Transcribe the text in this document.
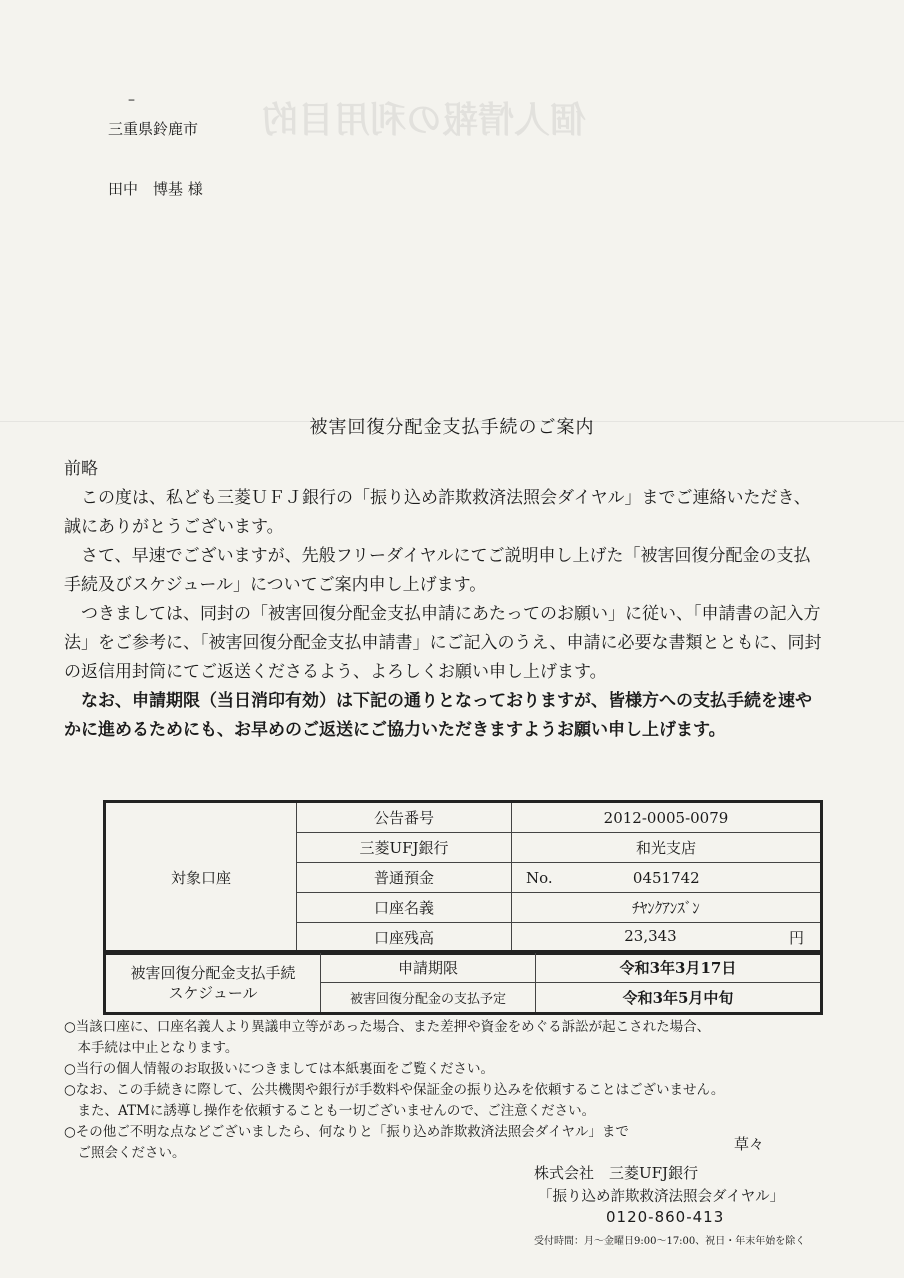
個人情報の利用目的
–
三重県鈴鹿市
田中　博基 様
被害回復分配金支払手続のご案内

前略

この度は、私ども三菱ＵＦＪ銀行の「振り込め詐欺救済法照会ダイヤル」までご連絡いただき、誠にありがとうございます。

さて、早速でございますが、先般フリーダイヤルにてご説明申し上げた「被害回復分配金の支払手続及びスケジュール」についてご案内申し上げます。

つきましては、同封の「被害回復分配金支払申請にあたってのお願い」に従い、「申請書の記入方法」をご参考に、「被害回復分配金支払申請書」にご記入のうえ、申請に必要な書類とともに、同封の返信用封筒にてご返送くださるよう、よろしくお願い申し上げます。

なお、申請期限（当日消印有効）は下記の通りとなっておりますが、皆様方への支払手続を速やかに進めるためにも、お早めのご返送にご協力いただきますようお願い申し上げます。

対象口座	公告番号	2012-0005-0079
	三菱UFJ銀行	和光支店
	普通預金	No. 0451742
	口座名義	ﾁﾔﾝｸｱﾝｽﾞﾝ
	口座残高	23,343 円
被害回復分配金支払手続
スケジュール	申請期限	令和3年3月17日
	被害回復分配金の支払予定	令和3年5月中旬

○当該口座に、口座名義人より異議申立等があった場合、また差押や資金をめぐる訴訟が起こされた場合、

　本手続は中止となります。

○当行の個人情報のお取扱いにつきましては本紙裏面をご覧ください。

○なお、この手続きに際して、公共機関や銀行が手数料や保証金の振り込みを依頼することはございません。

　また、ATMに誘導し操作を依頼することも一切ございませんので、ご注意ください。

○その他ご不明な点などございましたら、何なりと「振り込め詐欺救済法照会ダイヤル」まで

　ご照会ください。	草々
株式会社　三菱UFJ銀行
「振り込め詐欺救済法照会ダイヤル」
0120-860-413
受付時間：月～金曜日9:00～17:00、祝日・年末年始を除く
